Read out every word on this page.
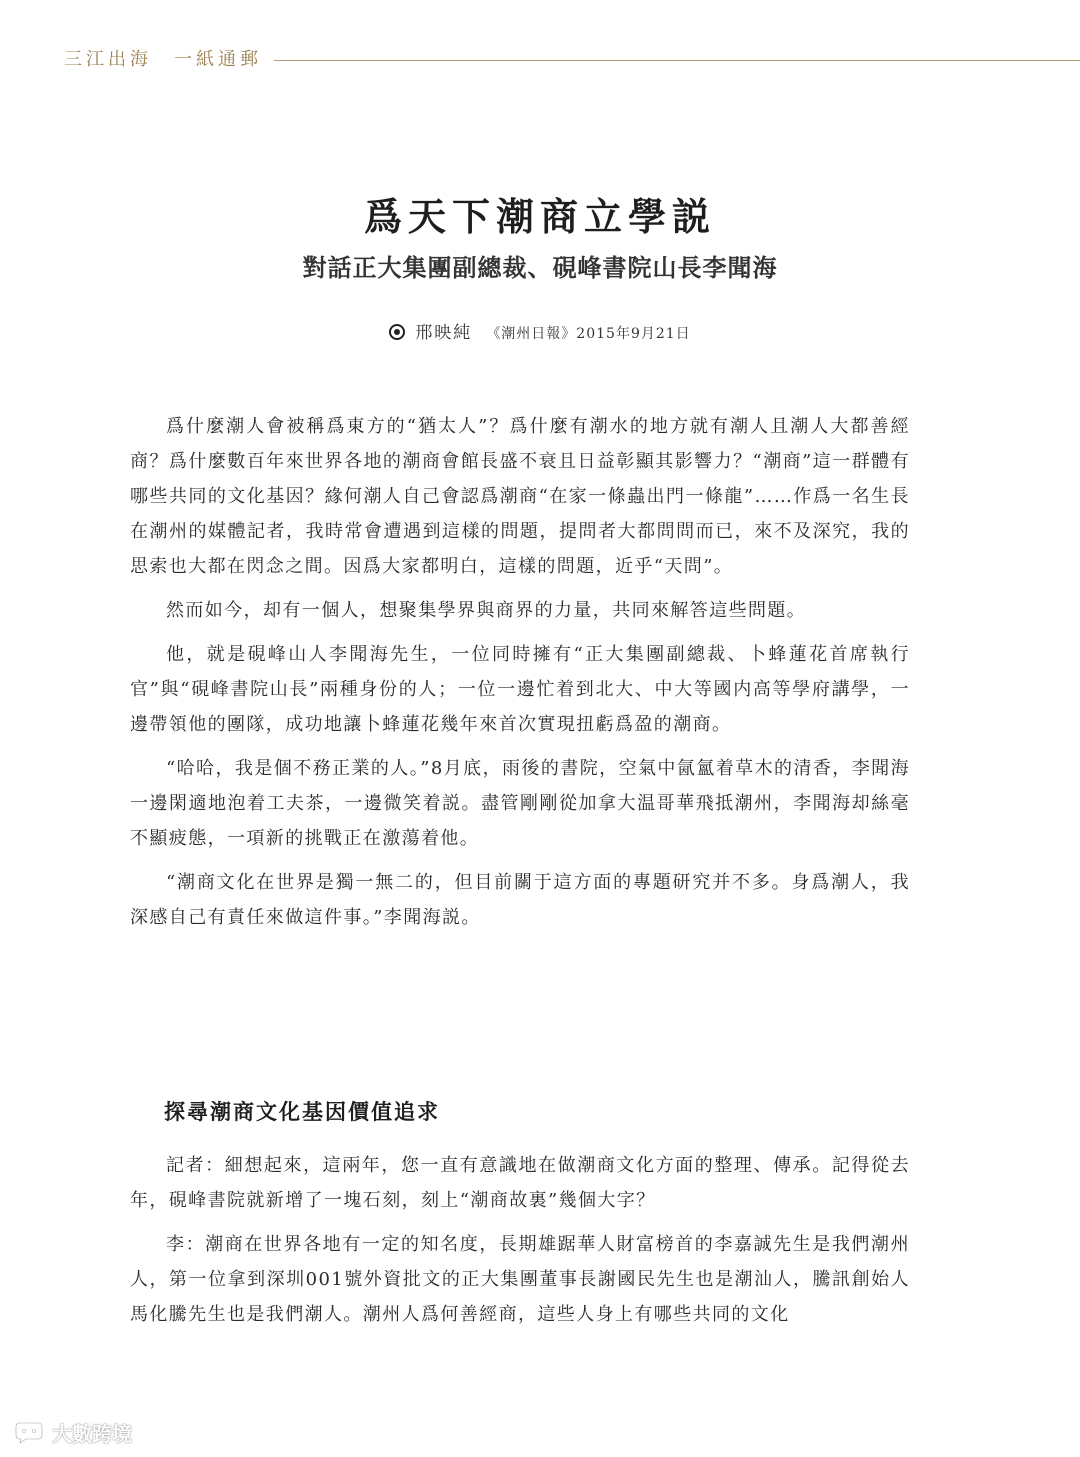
三江出海 一紙通郵
爲天下潮商立學説
對話正大集團副總裁、硯峰書院山長李聞海
邢映純 《潮州日報》2015年9月21日

爲什麼潮人會被稱爲東方的“猶太人”？爲什麼有潮水的地方就有潮人且潮人大都善經商？爲什麼數百年來世界各地的潮商會館長盛不衰且日益彰顯其影響力？“潮商”這一群體有哪些共同的文化基因？緣何潮人自己會認爲潮商“在家一條蟲出門一條龍”……作爲一名生長在潮州的媒體記者，我時常會遭遇到這樣的問題，提問者大都問問而已，來不及深究，我的思索也大都在閃念之間。因爲大家都明白，這樣的問題，近乎“天問”。

然而如今，却有一個人，想聚集學界與商界的力量，共同來解答這些問題。

他，就是硯峰山人李聞海先生，一位同時擁有“正大集團副總裁、卜蜂蓮花首席執行官”與“硯峰書院山長”兩種身份的人；一位一邊忙着到北大、中大等國内高等學府講學，一邊帶領他的團隊，成功地讓卜蜂蓮花幾年來首次實現扭虧爲盈的潮商。

“哈哈，我是個不務正業的人。”8月底，雨後的書院，空氣中氤氳着草木的清香，李聞海一邊閑適地泡着工夫茶，一邊微笑着説。盡管剛剛從加拿大温哥華飛抵潮州，李聞海却絲毫不顯疲態，一項新的挑戰正在激蕩着他。

“潮商文化在世界是獨一無二的，但目前關于這方面的專題研究并不多。身爲潮人，我深感自己有責任來做這件事。”李聞海説。

探尋潮商文化基因價值追求

記者：細想起來，這兩年，您一直有意識地在做潮商文化方面的整理、傳承。記得從去年，硯峰書院就新增了一塊石刻，刻上“潮商故裏”幾個大字？

李：潮商在世界各地有一定的知名度，長期雄踞華人財富榜首的李嘉誠先生是我們潮州人，第一位拿到深圳001號外資批文的正大集團董事長謝國民先生也是潮汕人，騰訊創始人馬化騰先生也是我們潮人。潮州人爲何善經商，這些人身上有哪些共同的文化

大數跨境
